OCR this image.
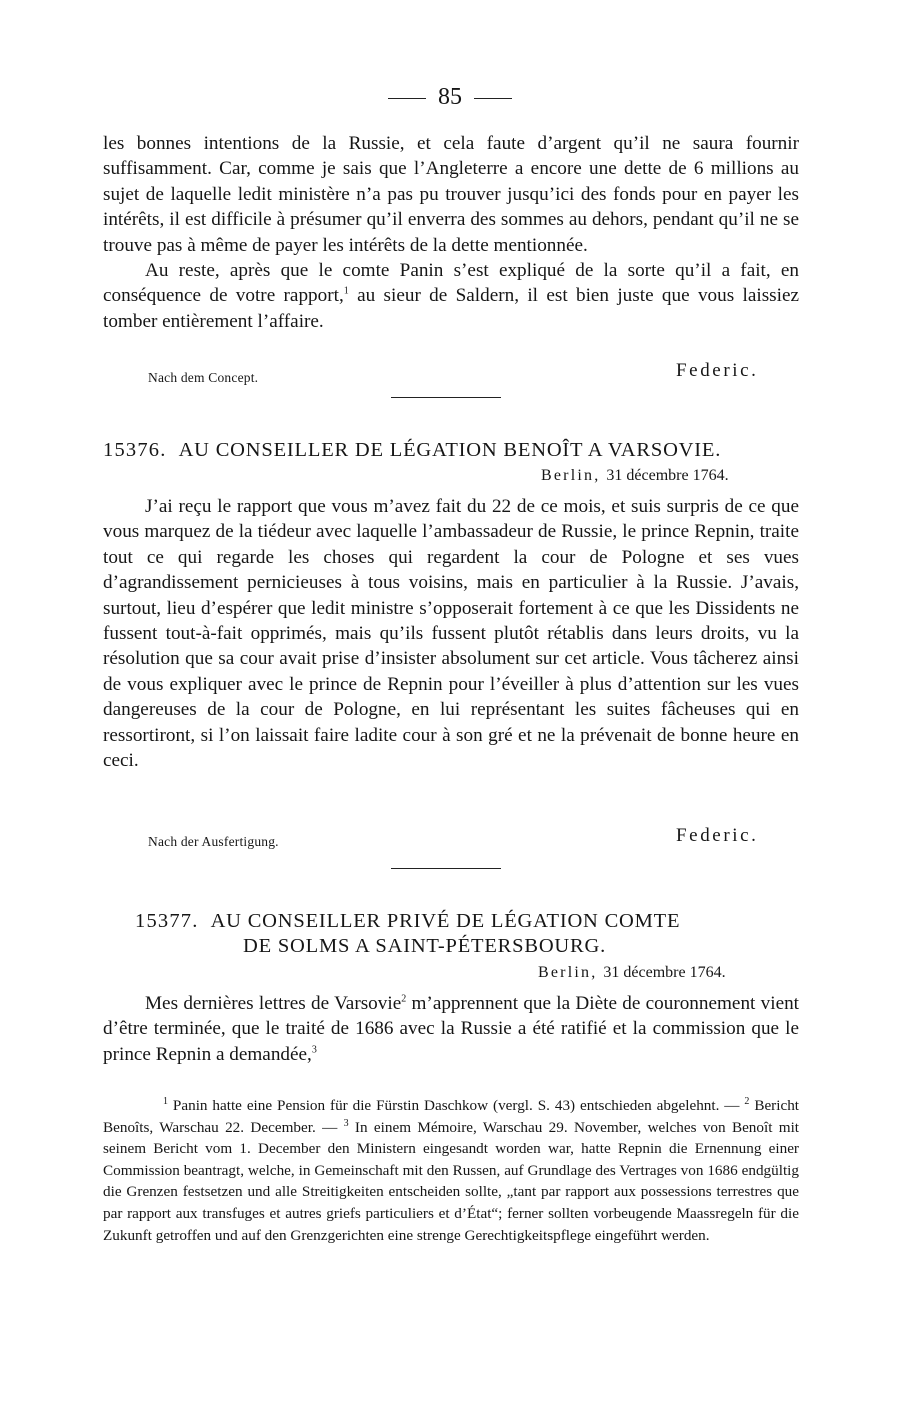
85

les bonnes intentions de la Russie, et cela faute d’argent qu’il ne saura fournir suffisamment. Car, comme je sais que l’Angleterre a encore une dette de 6 millions au sujet de laquelle ledit ministère n’a pas pu trouver jusqu’ici des fonds pour en payer les intérêts, il est difficile à présumer qu’il enverra des sommes au dehors, pendant qu’il ne se trouve pas à même de payer les intérêts de la dette mentionnée.

Au reste, après que le comte Panin s’est expliqué de la sorte qu’il a fait, en conséquence de votre rapport,$^1$ au sieur de Saldern, il est bien juste que vous laissiez tomber entièrement l’affaire.

Nach dem Concept.	Federic.
15376. AU CONSEILLER DE LÉGATION BENOÎT A VARSOVIE.
Berlin, 31 décembre 1764.

J’ai reçu le rapport que vous m’avez fait du 22 de ce mois, et suis surpris de ce que vous marquez de la tiédeur avec laquelle l’ambassadeur de Russie, le prince Repnin, traite tout ce qui regarde les choses qui regardent la cour de Pologne et ses vues d’agrandissement pernicieuses à tous voisins, mais en particulier à la Russie. J’avais, surtout, lieu d’espérer que ledit ministre s’opposerait fortement à ce que les Dissidents ne fussent tout-à-fait opprimés, mais qu’ils fussent plutôt rétablis dans leurs droits, vu la résolution que sa cour avait prise d’insister absolument sur cet article. Vous tâcherez ainsi de vous expliquer avec le prince de Repnin pour l’éveiller à plus d’attention sur les vues dangereuses de la cour de Pologne, en lui représentant les suites fâcheuses qui en ressortiront, si l’on laissait faire ladite cour à son gré et ne la prévenait de bonne heure en ceci.

Nach der Ausfertigung.	Federic.
15377. AU CONSEILLER PRIVÉ DE LÉGATION COMTE
DE SOLMS A SAINT-PÉTERSBOURG.
Berlin, 31 décembre 1764.

Mes dernières lettres de Varsovie$^2$ m’apprennent que la Diète de couronnement vient d’être terminée, que le traité de 1686 avec la Russie a été ratifié et la commission que le prince Repnin a demandée,$^3$

$^1$ Panin hatte eine Pension für die Fürstin Daschkow (vergl. S. 43) entschieden abgelehnt. — $^2$ Bericht Benoîts, Warschau 22. December. — $^3$ In einem Mémoire, Warschau 29. November, welches von Benoît mit seinem Bericht vom 1. December den Ministern eingesandt worden war, hatte Repnin die Ernennung einer Commission beantragt, welche, in Gemeinschaft mit den Russen, auf Grundlage des Vertrages von 1686 endgültig die Grenzen festsetzen und alle Streitigkeiten entscheiden sollte, „tant par rapport aux possessions terrestres que par rapport aux transfuges et autres griefs particuliers et d’État“; ferner sollten vorbeugende Maassregeln für die Zukunft getroffen und auf den Grenzgerichten eine strenge Gerechtigkeitspflege eingeführt werden.
